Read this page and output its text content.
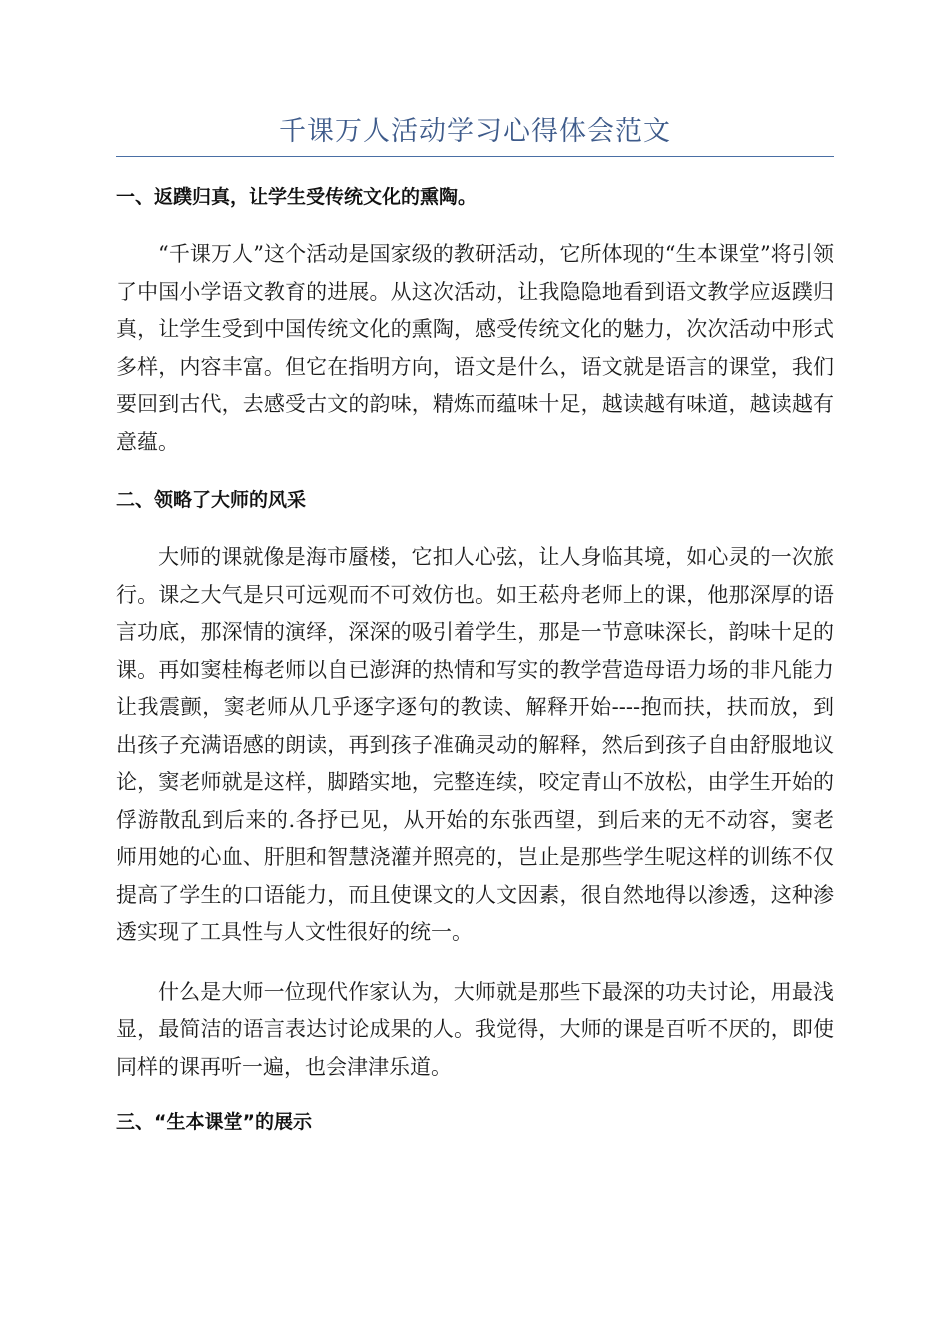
千课万人活动学习心得体会范文
一、返蹼归真，让学生受传统文化的熏陶。

“千课万人”这个活动是国家级的教研活动，它所体现的“生本课堂”将引领了中国小学语文教育的进展。从这次活动，让我隐隐地看到语文教学应返蹼归真，让学生受到中国传统文化的熏陶，感受传统文化的魅力，次次活动中形式多样，内容丰富。但它在指明方向，语文是什么，语文就是语言的课堂，我们要回到古代，去感受古文的韵味，精炼而蕴味十足，越读越有味道，越读越有意蕴。

二、领略了大师的风采

大师的课就像是海市蜃楼，它扣人心弦，让人身临其境，如心灵的一次旅行。课之大气是只可远观而不可效仿也。如王菘舟老师上的课，他那深厚的语言功底，那深情的演绎，深深的吸引着学生，那是一节意味深长，韵味十足的课。再如窦桂梅老师以自已澎湃的热情和写实的教学营造母语力场的非凡能力让我震颤，窦老师从几乎逐字逐句的教读、解释开始----抱而扶，扶而放，到出孩子充满语感的朗读，再到孩子准确灵动的解释，然后到孩子自由舒服地议论，窦老师就是这样，脚踏实地，完整连续，咬定青山不放松，由学生开始的俘游散乱到后来的.各抒已见，从开始的东张西望，到后来的无不动容，窦老师用她的心血、肝胆和智慧浇灌并照亮的，岂止是那些学生呢这样的训练不仅提高了学生的口语能力，而且使课文的人文因素，很自然地得以渗透，这种渗透实现了工具性与人文性很好的统一。

什么是大师一位现代作家认为，大师就是那些下最深的功夫讨论，用最浅显，最简洁的语言表达讨论成果的人。我觉得，大师的课是百听不厌的，即使同样的课再听一遍，也会津津乐道。

三、“生本课堂”的展示
